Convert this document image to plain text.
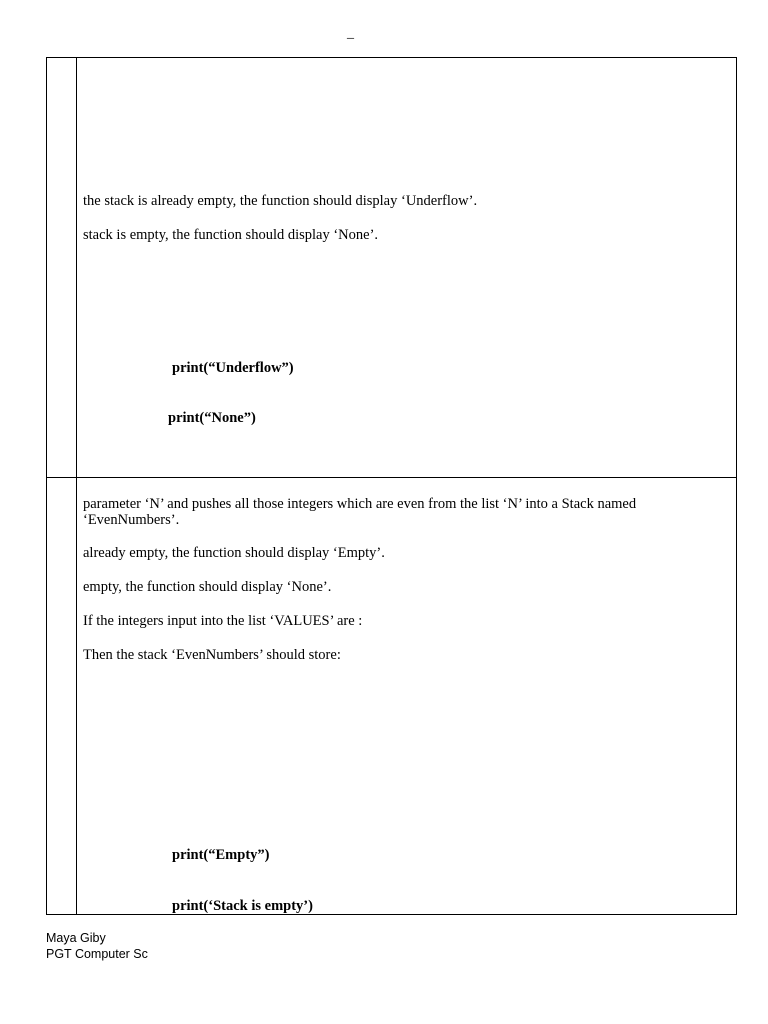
_
the stack is already empty, the function should display ‘Underflow’.
stack is empty, the function should display ‘None’.
print(“Underflow”)
print(“None”)
parameter ‘N’ and pushes all those integers which are even from the list ‘N’ into a Stack named ‘EvenNumbers’.
already empty, the function should display ‘Empty’.
empty, the function should display ‘None’.
If the integers input into the list ‘VALUES’ are :
Then the stack ‘EvenNumbers’ should store:
print(“Empty”)
print(‘Stack is empty’)
Maya Giby
PGT Computer Sc
